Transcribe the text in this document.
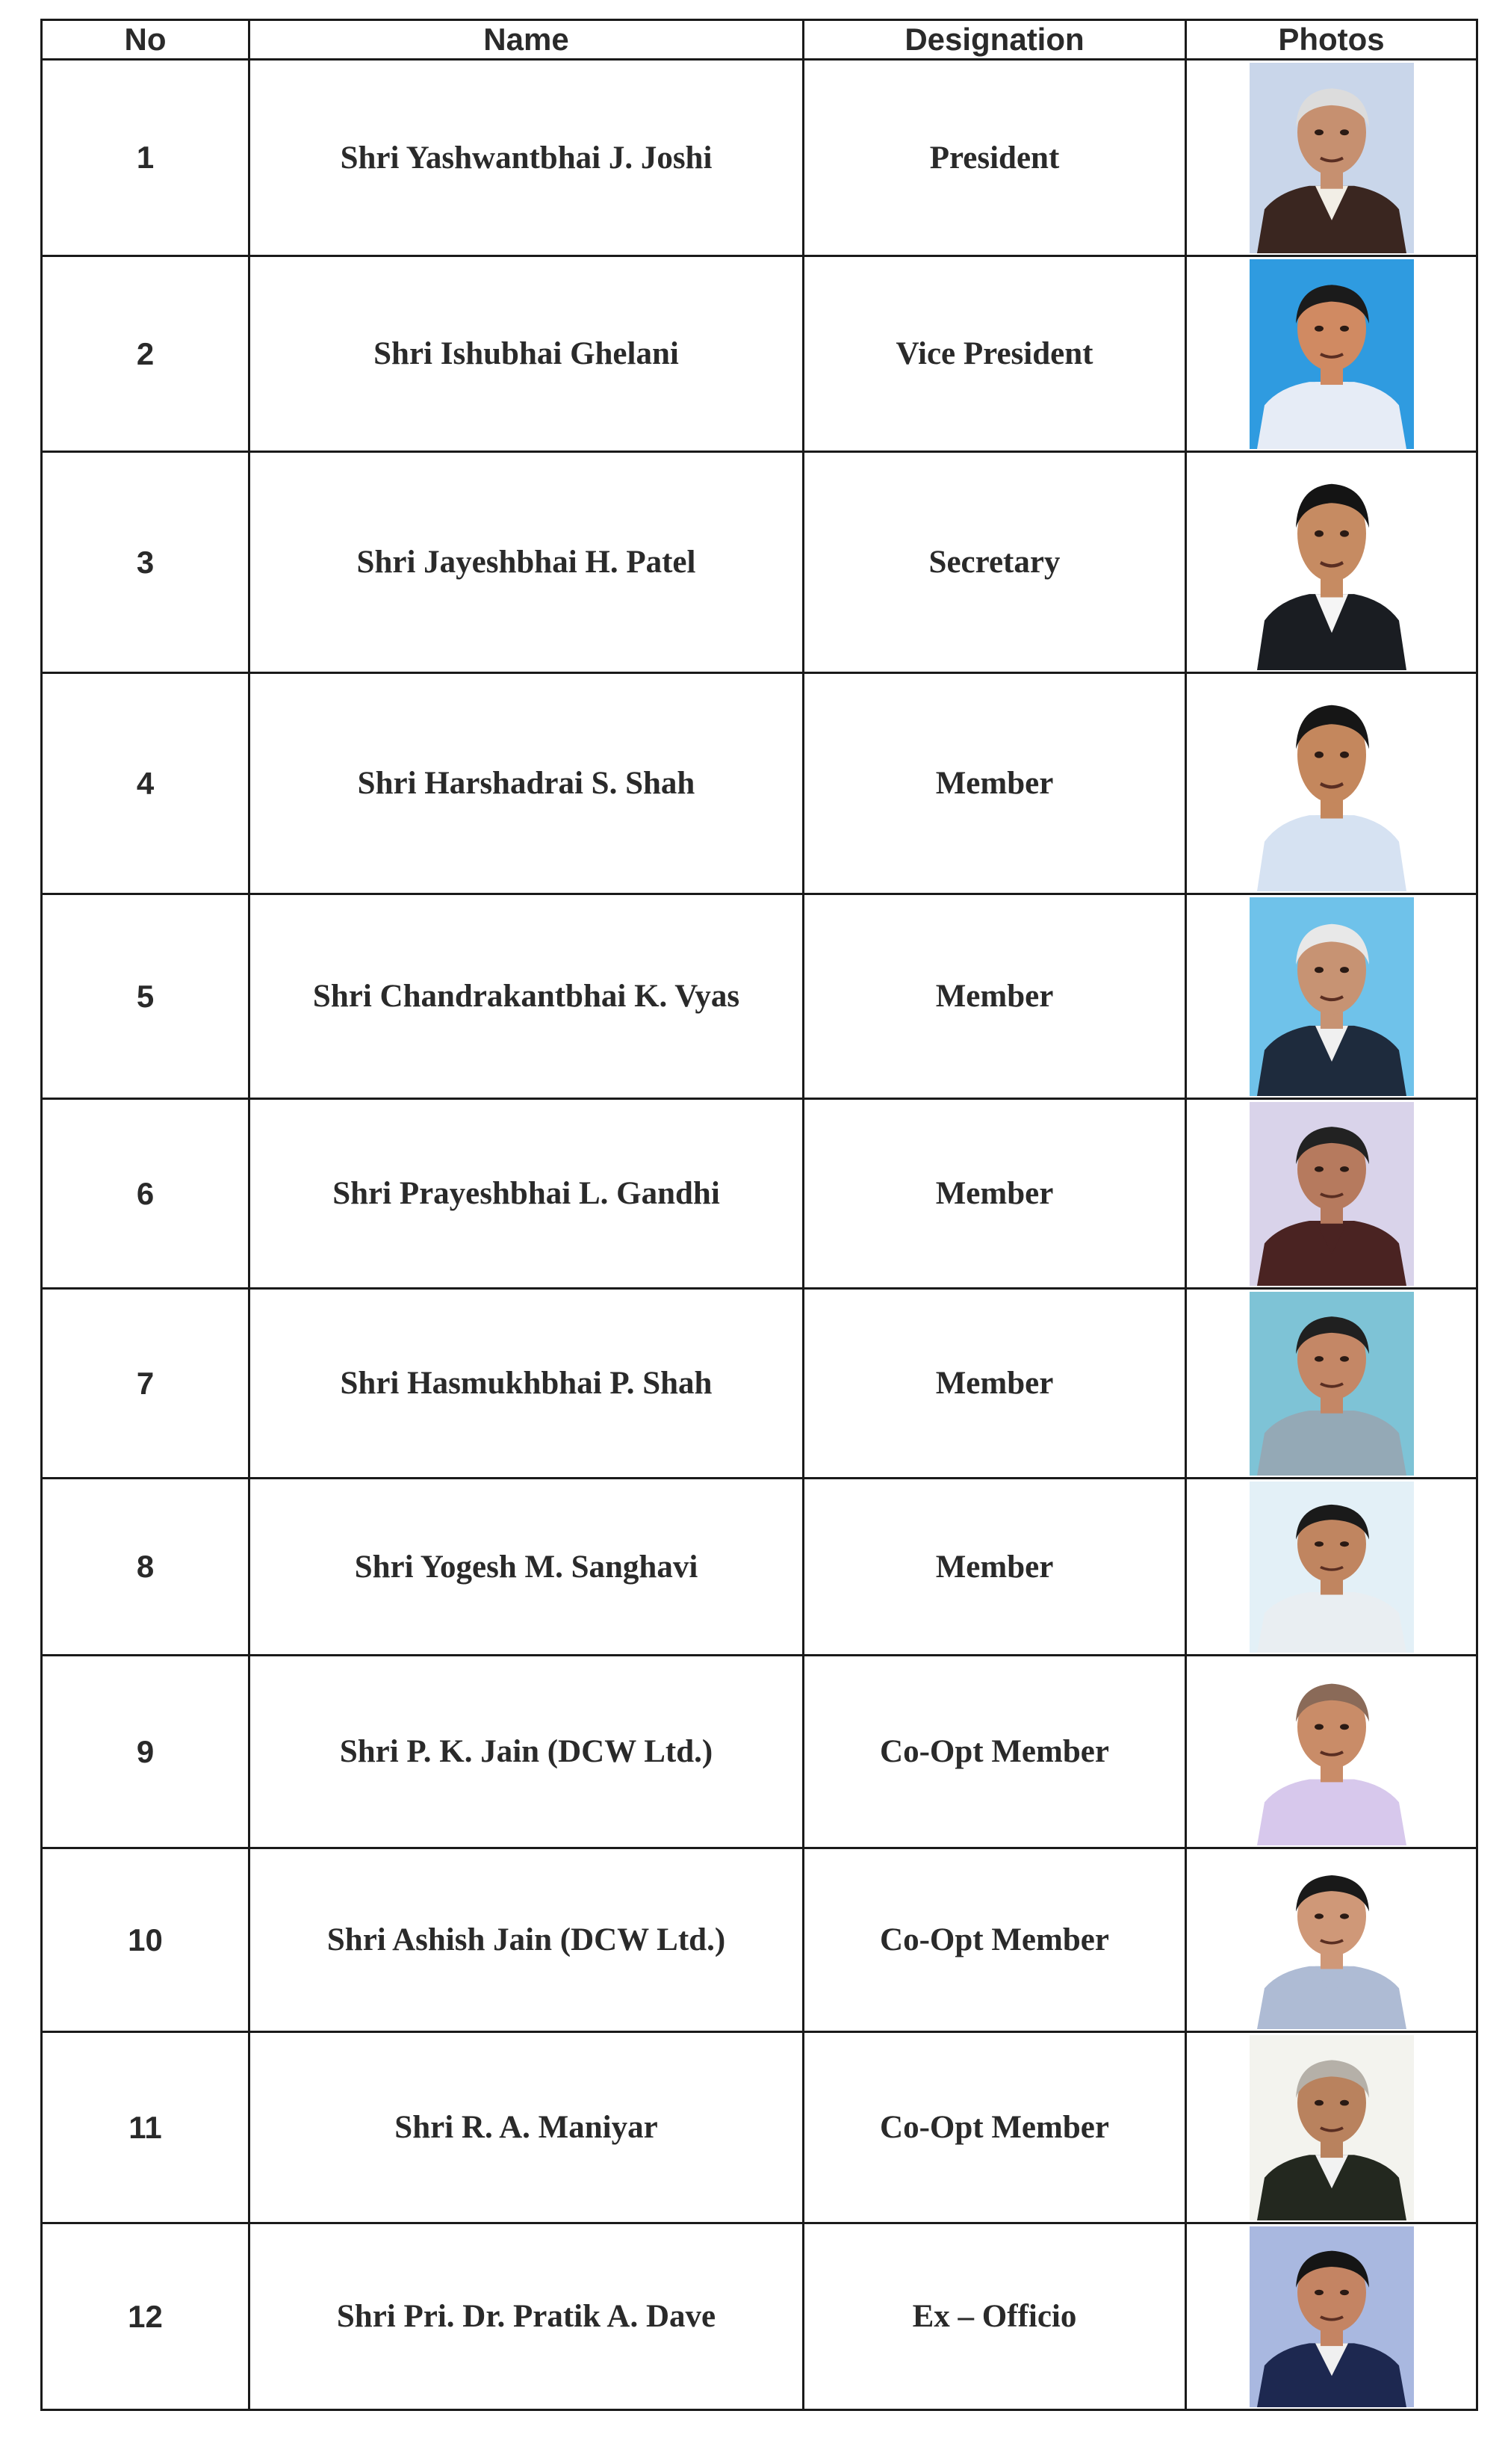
No	Name	Designation	Photos
1	Shri Yashwantbhai J. Joshi	President	

2	Shri Ishubhai Ghelani	Vice President	

3	Shri Jayeshbhai H. Patel	Secretary	

4	Shri Harshadrai S. Shah	Member	

5	Shri Chandrakantbhai K. Vyas	Member	

6	Shri Prayeshbhai L. Gandhi	Member	

7	Shri Hasmukhbhai P. Shah	Member	

8	Shri Yogesh M. Sanghavi	Member	

9	Shri P. K. Jain (DCW Ltd.)	Co-Opt Member	

10	Shri Ashish Jain (DCW Ltd.)	Co-Opt Member	

11	Shri R. A. Maniyar	Co-Opt Member	

12	Shri Pri. Dr. Pratik A. Dave	Ex – Officio	
